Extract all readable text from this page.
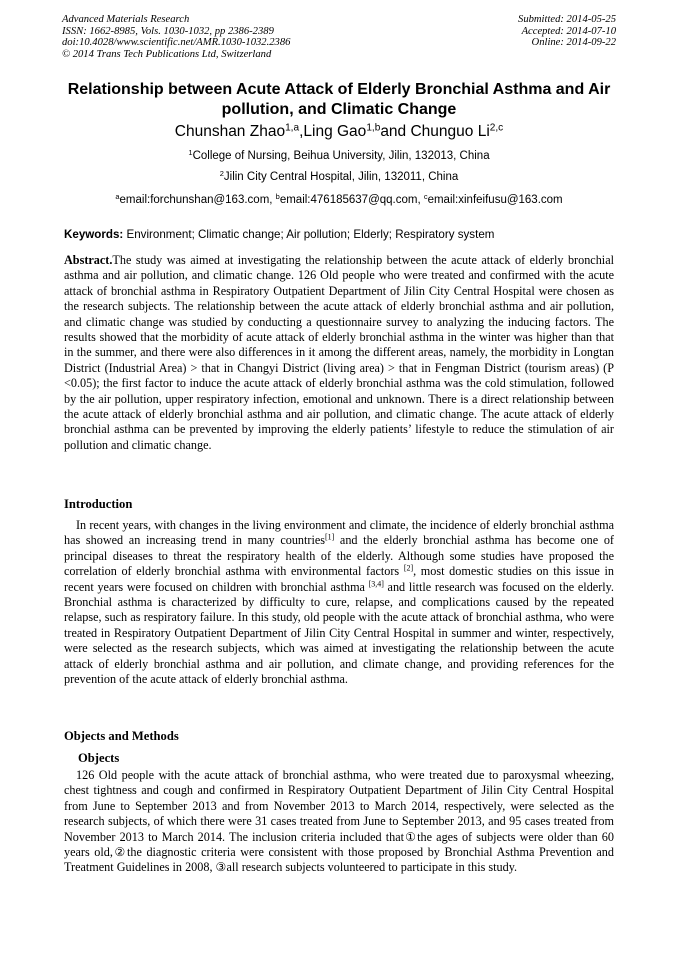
Advanced Materials Research
ISSN: 1662-8985, Vols. 1030-1032, pp 2386-2389
doi:10.4028/www.scientific.net/AMR.1030-1032.2386
© 2014 Trans Tech Publications Ltd, Switzerland
Submitted: 2014-05-25
Accepted: 2014-07-10
Online: 2014-09-22
Relationship between Acute Attack of Elderly Bronchial Asthma and Air pollution, and Climatic Change
Chunshan Zhao$^{1,a}$,Ling Gao$^{1,b}$and Chunguo Li$^{2,c}$
$^1$College of Nursing, Beihua University, Jilin, 132013, China
$^2$Jilin City Central Hospital, Jilin, 132011, China
$^a$email:forchunshan@163.com, $^b$email:476185637@qq.com, $^c$email:xinfeifusu@163.com
Keywords: Environment; Climatic change; Air pollution; Elderly; Respiratory system
Abstract.The study was aimed at investigating the relationship between the acute attack of elderly bronchial asthma and air pollution, and climatic change. 126 Old people who were treated and confirmed with the acute attack of bronchial asthma in Respiratory Outpatient Department of Jilin City Central Hospital were chosen as the research subjects. The relationship between the acute attack of elderly bronchial asthma and air pollution, and climatic change was studied by conducting a questionnaire survey to analyzing the inducing factors. The results showed that the morbidity of acute attack of elderly bronchial asthma in the winter was higher than that in the summer, and there were also differences in it among the different areas, namely, the morbidity in Longtan District (Industrial Area) > that in Changyi District (living area) > that in Fengman District (tourism areas) (P <0.05); the first factor to induce the acute attack of elderly bronchial asthma was the cold stimulation, followed by the air pollution, upper respiratory infection, emotional and unknown. There is a direct relationship between the acute attack of elderly bronchial asthma and air pollution, and climatic change. The acute attack of elderly bronchial asthma can be prevented by improving the elderly patients’ lifestyle to reduce the stimulation of air pollution and climatic change.
Introduction
In recent years, with changes in the living environment and climate, the incidence of elderly bronchial asthma has showed an increasing trend in many countries[1] and the elderly bronchial asthma has become one of principal diseases to threat the respiratory health of the elderly. Although some studies have proposed the correlation of elderly bronchial asthma with environmental factors [2], most domestic studies on this issue in recent years were focused on children with bronchial asthma [3,4] and little research was focused on the elderly. Bronchial asthma is characterized by difficulty to cure, relapse, and complications caused by the repeated relapse, such as respiratory failure. In this study, old people with the acute attack of bronchial asthma, who were treated in Respiratory Outpatient Department of Jilin City Central Hospital in summer and winter, respectively, were selected as the research subjects, which was aimed at investigating the relationship between the acute attack of elderly bronchial asthma and air pollution, and climate change, and providing references for the prevention of the acute attack of elderly bronchial asthma.
Objects and Methods
Objects
126 Old people with the acute attack of bronchial asthma, who were treated due to paroxysmal wheezing, chest tightness and cough and confirmed in Respiratory Outpatient Department of Jilin City Central Hospital from June to September 2013 and from November 2013 to March 2014, respectively, were selected as the research subjects, of which there were 31 cases treated from June to September 2013, and 95 cases treated from November 2013 to March 2014. The inclusion criteria included that①the ages of subjects were older than 60 years old,②the diagnostic criteria were consistent with those proposed by Bronchial Asthma Prevention and Treatment Guidelines in 2008, ③all research subjects volunteered to participate in this study.
